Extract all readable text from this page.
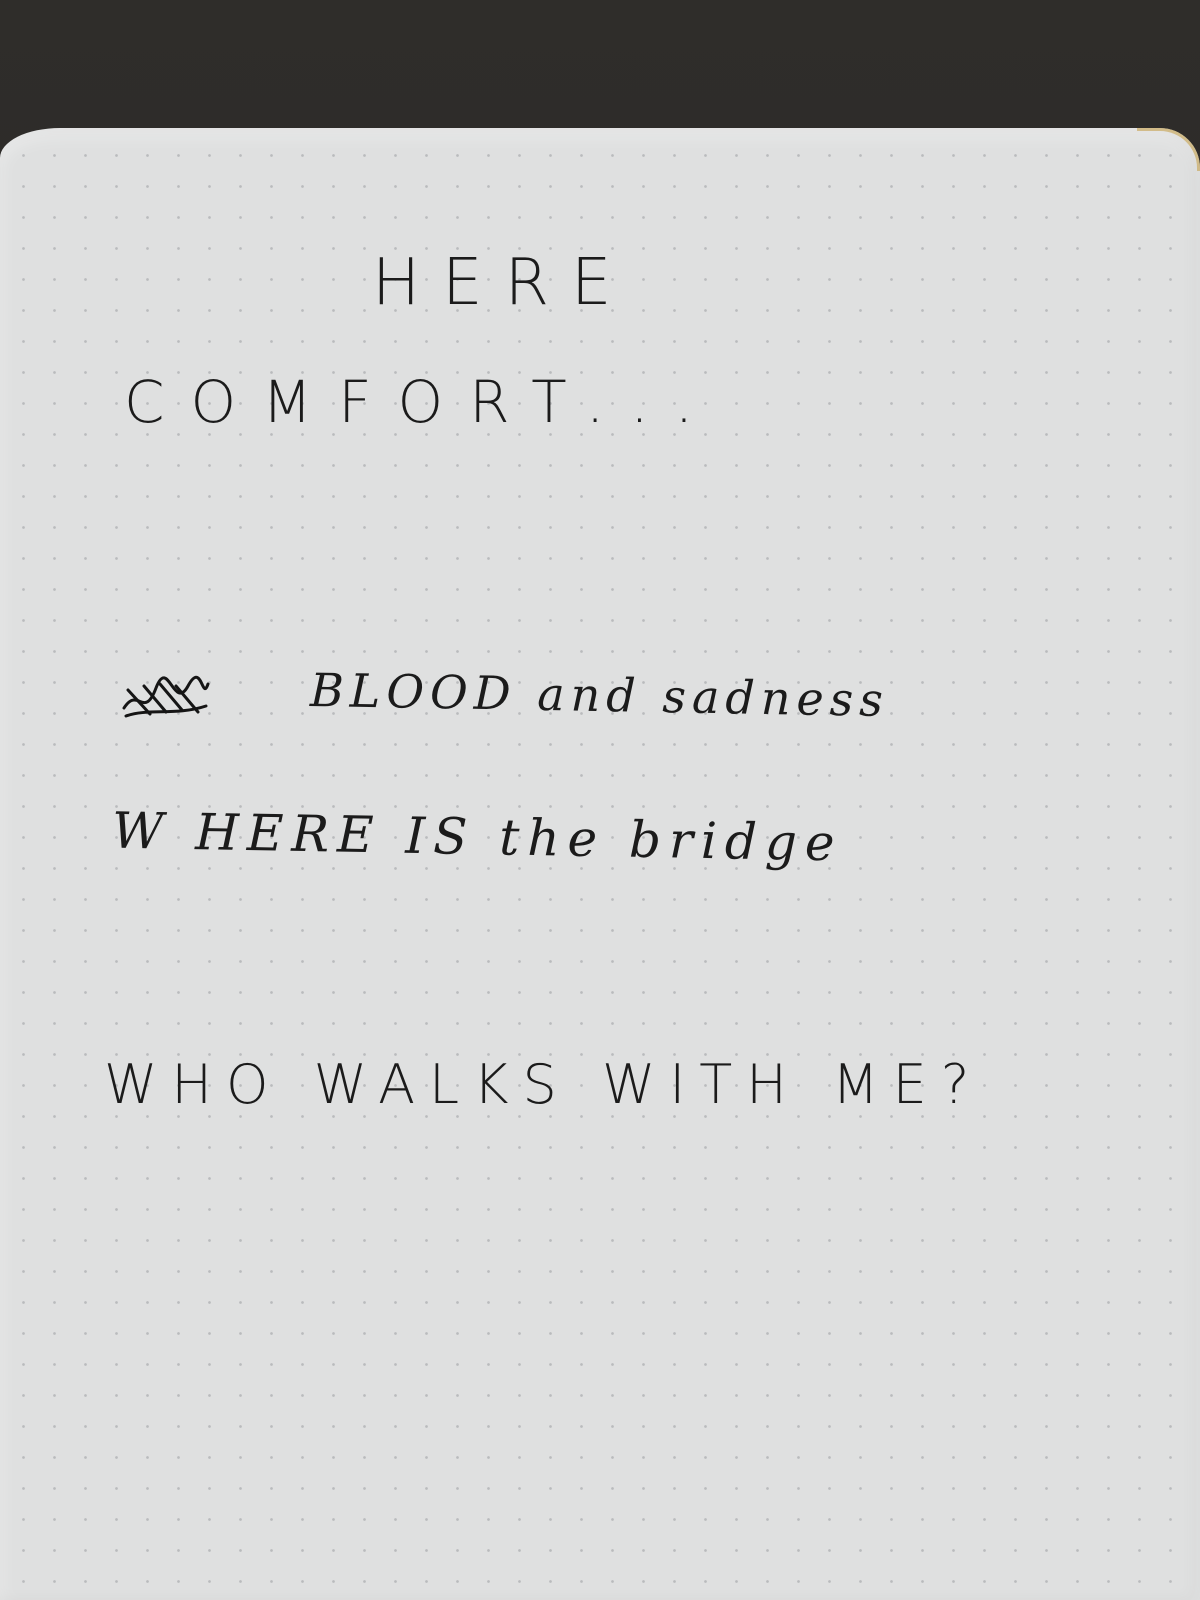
HERE

COMFORT...

BLOOD and sadness

W HERE IS the bridge

WHO WALKS WITH ME?
